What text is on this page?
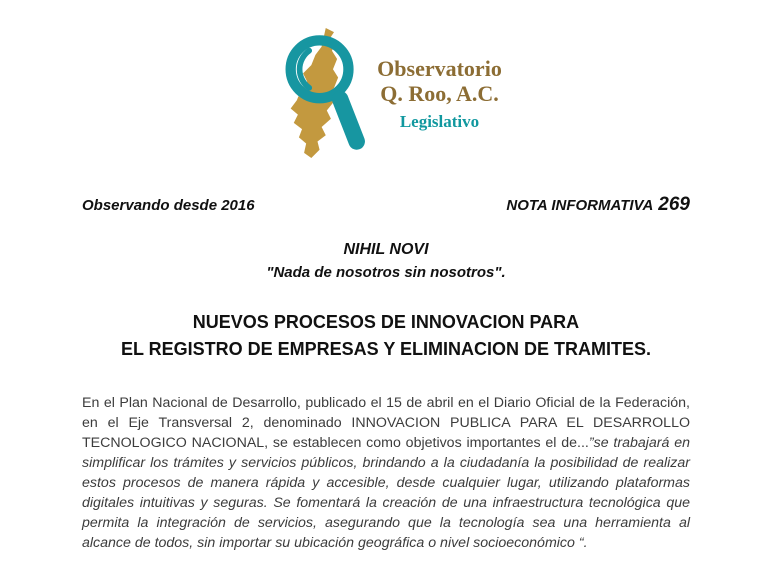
Observatorio
Q. Roo, A.C.
Legislativo
Observando desde 2016	NOTA INFORMATIVA 269
NIHIL NOVI
"Nada de nosotros sin nosotros".
NUEVOS PROCESOS DE INNOVACION PARA
EL REGISTRO DE EMPRESAS Y ELIMINACION DE TRAMITES.

En el Plan Nacional de Desarrollo, publicado el 15 de abril en el Diario Oficial de la Federación, en el Eje Transversal 2, denominado INNOVACION PUBLICA PARA EL DESARROLLO TECNOLOGICO NACIONAL, se establecen como objetivos importantes el de...”se trabajará en simplificar los trámites y servicios públicos, brindando a la ciudadanía la posibilidad de realizar estos procesos de manera rápida y accesible, desde cualquier lugar, utilizando plataformas digitales intuitivas y seguras. Se fomentará la creación de una infraestructura tecnológica que permita la integración de servicios, asegurando que la tecnología sea una herramienta al alcance de todos, sin importar su ubicación geográfica o nivel socioeconómico “.
